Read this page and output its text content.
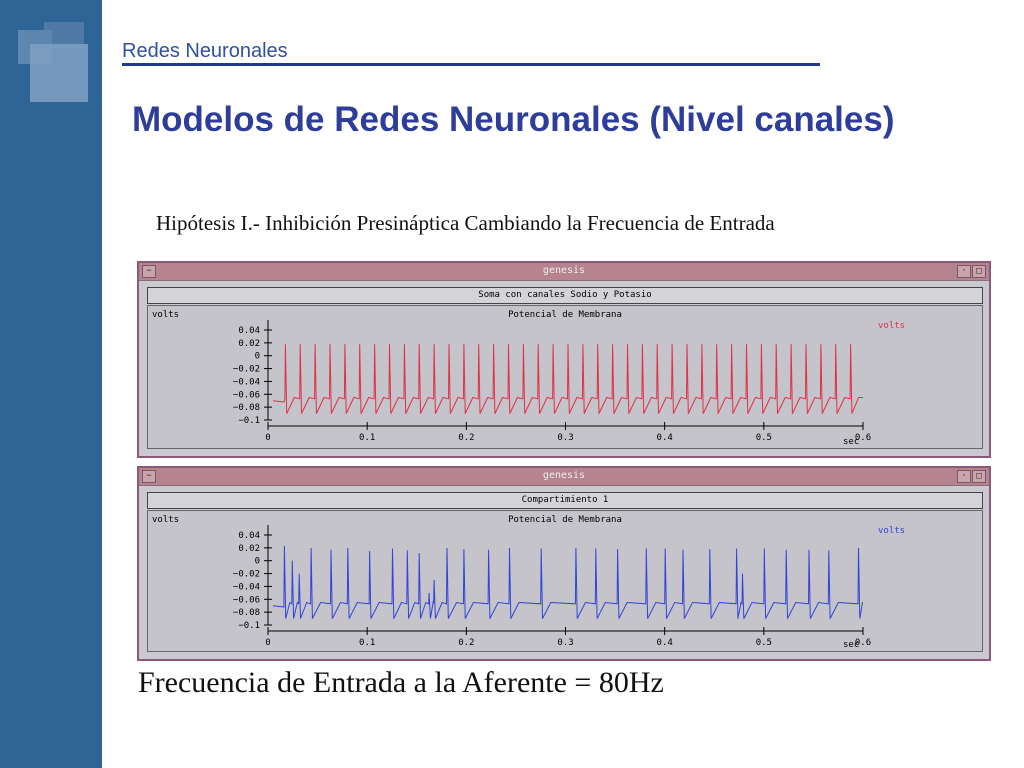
Redes Neuronales
Modelos de Redes Neuronales (Nivel canales)
Hipótesis I.- Inhibición Presináptica Cambiando la Frecuencia de Entrada
−	genesis	·	□
Soma con canales Sodio y Potasio
volts	Potencial de Membrana
volts
0.04
0.02
0
−0.02
−0.04
−0.06
−0.08
−0.1
0	0.1	0.2	0.3	0.4	0.5	0.6
sec
−	genesis	·	□
Compartimiento 1
volts	Potencial de Membrana
volts
0.04
0.02
0
−0.02
−0.04
−0.06
−0.08
−0.1
0	0.1	0.2	0.3	0.4	0.5	0.6
sec
Frecuencia de Entrada a la Aferente = 80Hz
